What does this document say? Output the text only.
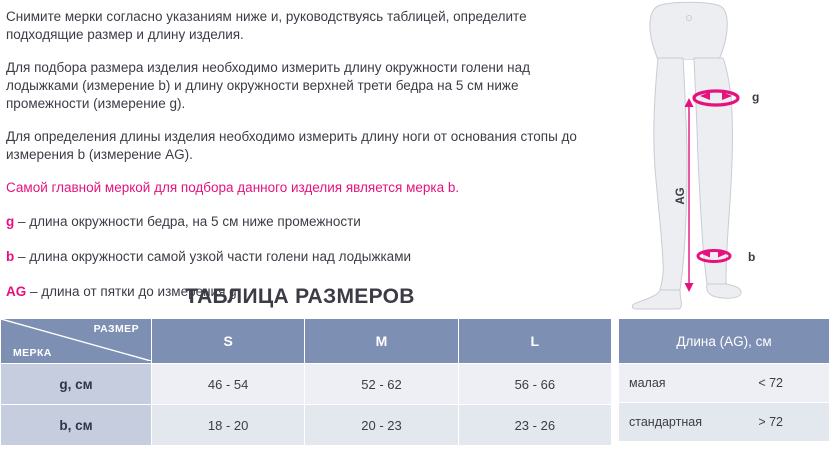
Снимите мерки согласно указаниям ниже и, руководствуясь таблицей, определите подходящие размер и длину изделия.

Для подбора размера изделия необходимо измерить длину окружности голени над лодыжками (измерение b) и длину окружности верхней трети бедра на 5 см ниже промежности (измерение g).

Для определения длины изделия необходимо измерить длину ноги от основания стопы до измерения b (измерение AG).

Самой главной меркой для подбора данного изделия является мерка b.

g – длина окружности бедра, на 5 см ниже промежности

b – длина окружности самой узкой части голени над лодыжками

AG – длина от пятки до измерения g

g
b
AG
ТАБЛИЦА РАЗМЕРОВ
РАЗМЕР
МЕРКА	S	M	L
g, см	46 - 54	52 - 62	56 - 66
b, см	18 - 20	20 - 23	23 - 26
Длина (AG), см
малая	< 72

стандартная	> 72
